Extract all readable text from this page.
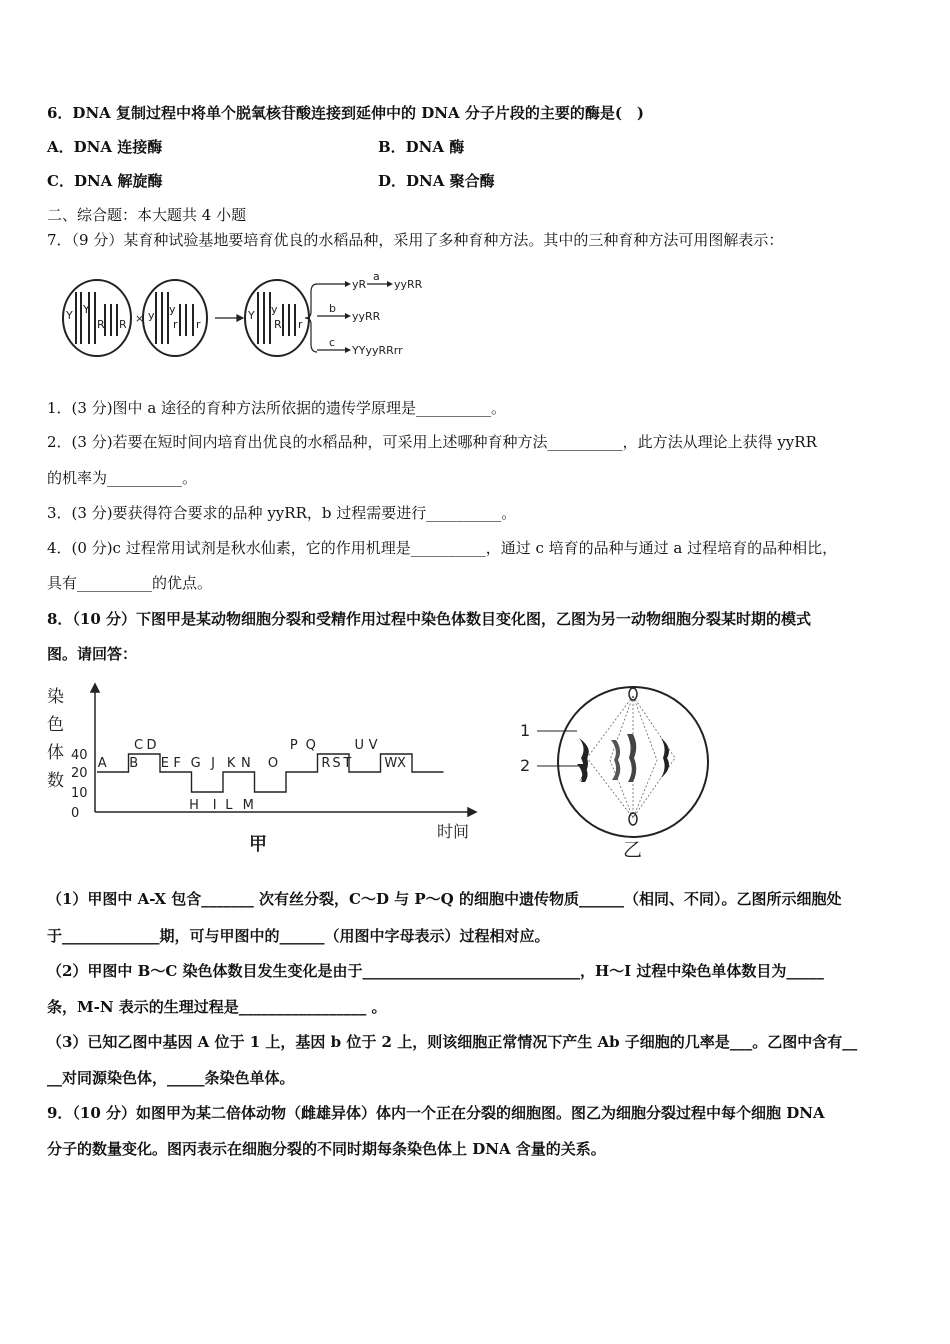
6．DNA 复制过程中将单个脱氧核苷酸连接到延伸中的 DNA 分子片段的主要的酶是(　)
A．DNA 连接酶	B．DNA 酶
C．DNA 解旋酶	D．DNA 聚合酶
二、综合题：本大题共 4 小题
7．（9 分）某育种试验基地要培育优良的水稻品种，采用了多种育种方法。其中的三种育种方法可用图解表示：
Y Y
R R × y y
r r
Y y
R r
a
b
c
yR	yyRR
yyRR
YYyyRRrr
1．(3 分)图中 a 途径的育种方法所依据的遗传学原理是__________。
2．(3 分)若要在短时间内培育出优良的水稻品种，可采用上述哪种育种方法__________，此方法从理论上获得 yyRR
的机率为__________。
3．(3 分)要获得符合要求的品种 yyRR，b 过程需要进行__________。
4．(0 分)c 过程常用试剂是秋水仙素，它的作用机理是__________，通过 c 培育的品种与通过 a 过程培育的品种相比，
具有__________的优点。
8．（10 分）下图甲是某动物细胞分裂和受精作用过程中染色体数目变化图，乙图为另一动物细胞分裂某时期的模式
图。请回答：
染
色
体
数
0
10
20
40
A B
C D
E F G J K N O
P Q
R S T
U V
W X
H I L M
时间
甲
1
2
乙
（1）甲图中 A-X 包含_______ 次有丝分裂，C～D 与 P～Q 的细胞中遗传物质______（相同、不同）。乙图所示细胞处
于_____________期，可与甲图中的______（用图中字母表示）过程相对应。
（2）甲图中 B～C 染色体数目发生变化是由于_____________________________，H～I 过程中染色单体数目为_____
条，M-N 表示的生理过程是_________________ 。
（3）已知乙图中基因 A 位于 1 上，基因 b 位于 2 上，则该细胞正常情况下产生 Ab 子细胞的几率是___。乙图中含有__
__对同源染色体，_____条染色单体。
9．（10 分）如图甲为某二倍体动物（雌雄异体）体内一个正在分裂的细胞图。图乙为细胞分裂过程中每个细胞 DNA
分子的数量变化。图丙表示在细胞分裂的不同时期每条染色体上 DNA 含量的关系。
